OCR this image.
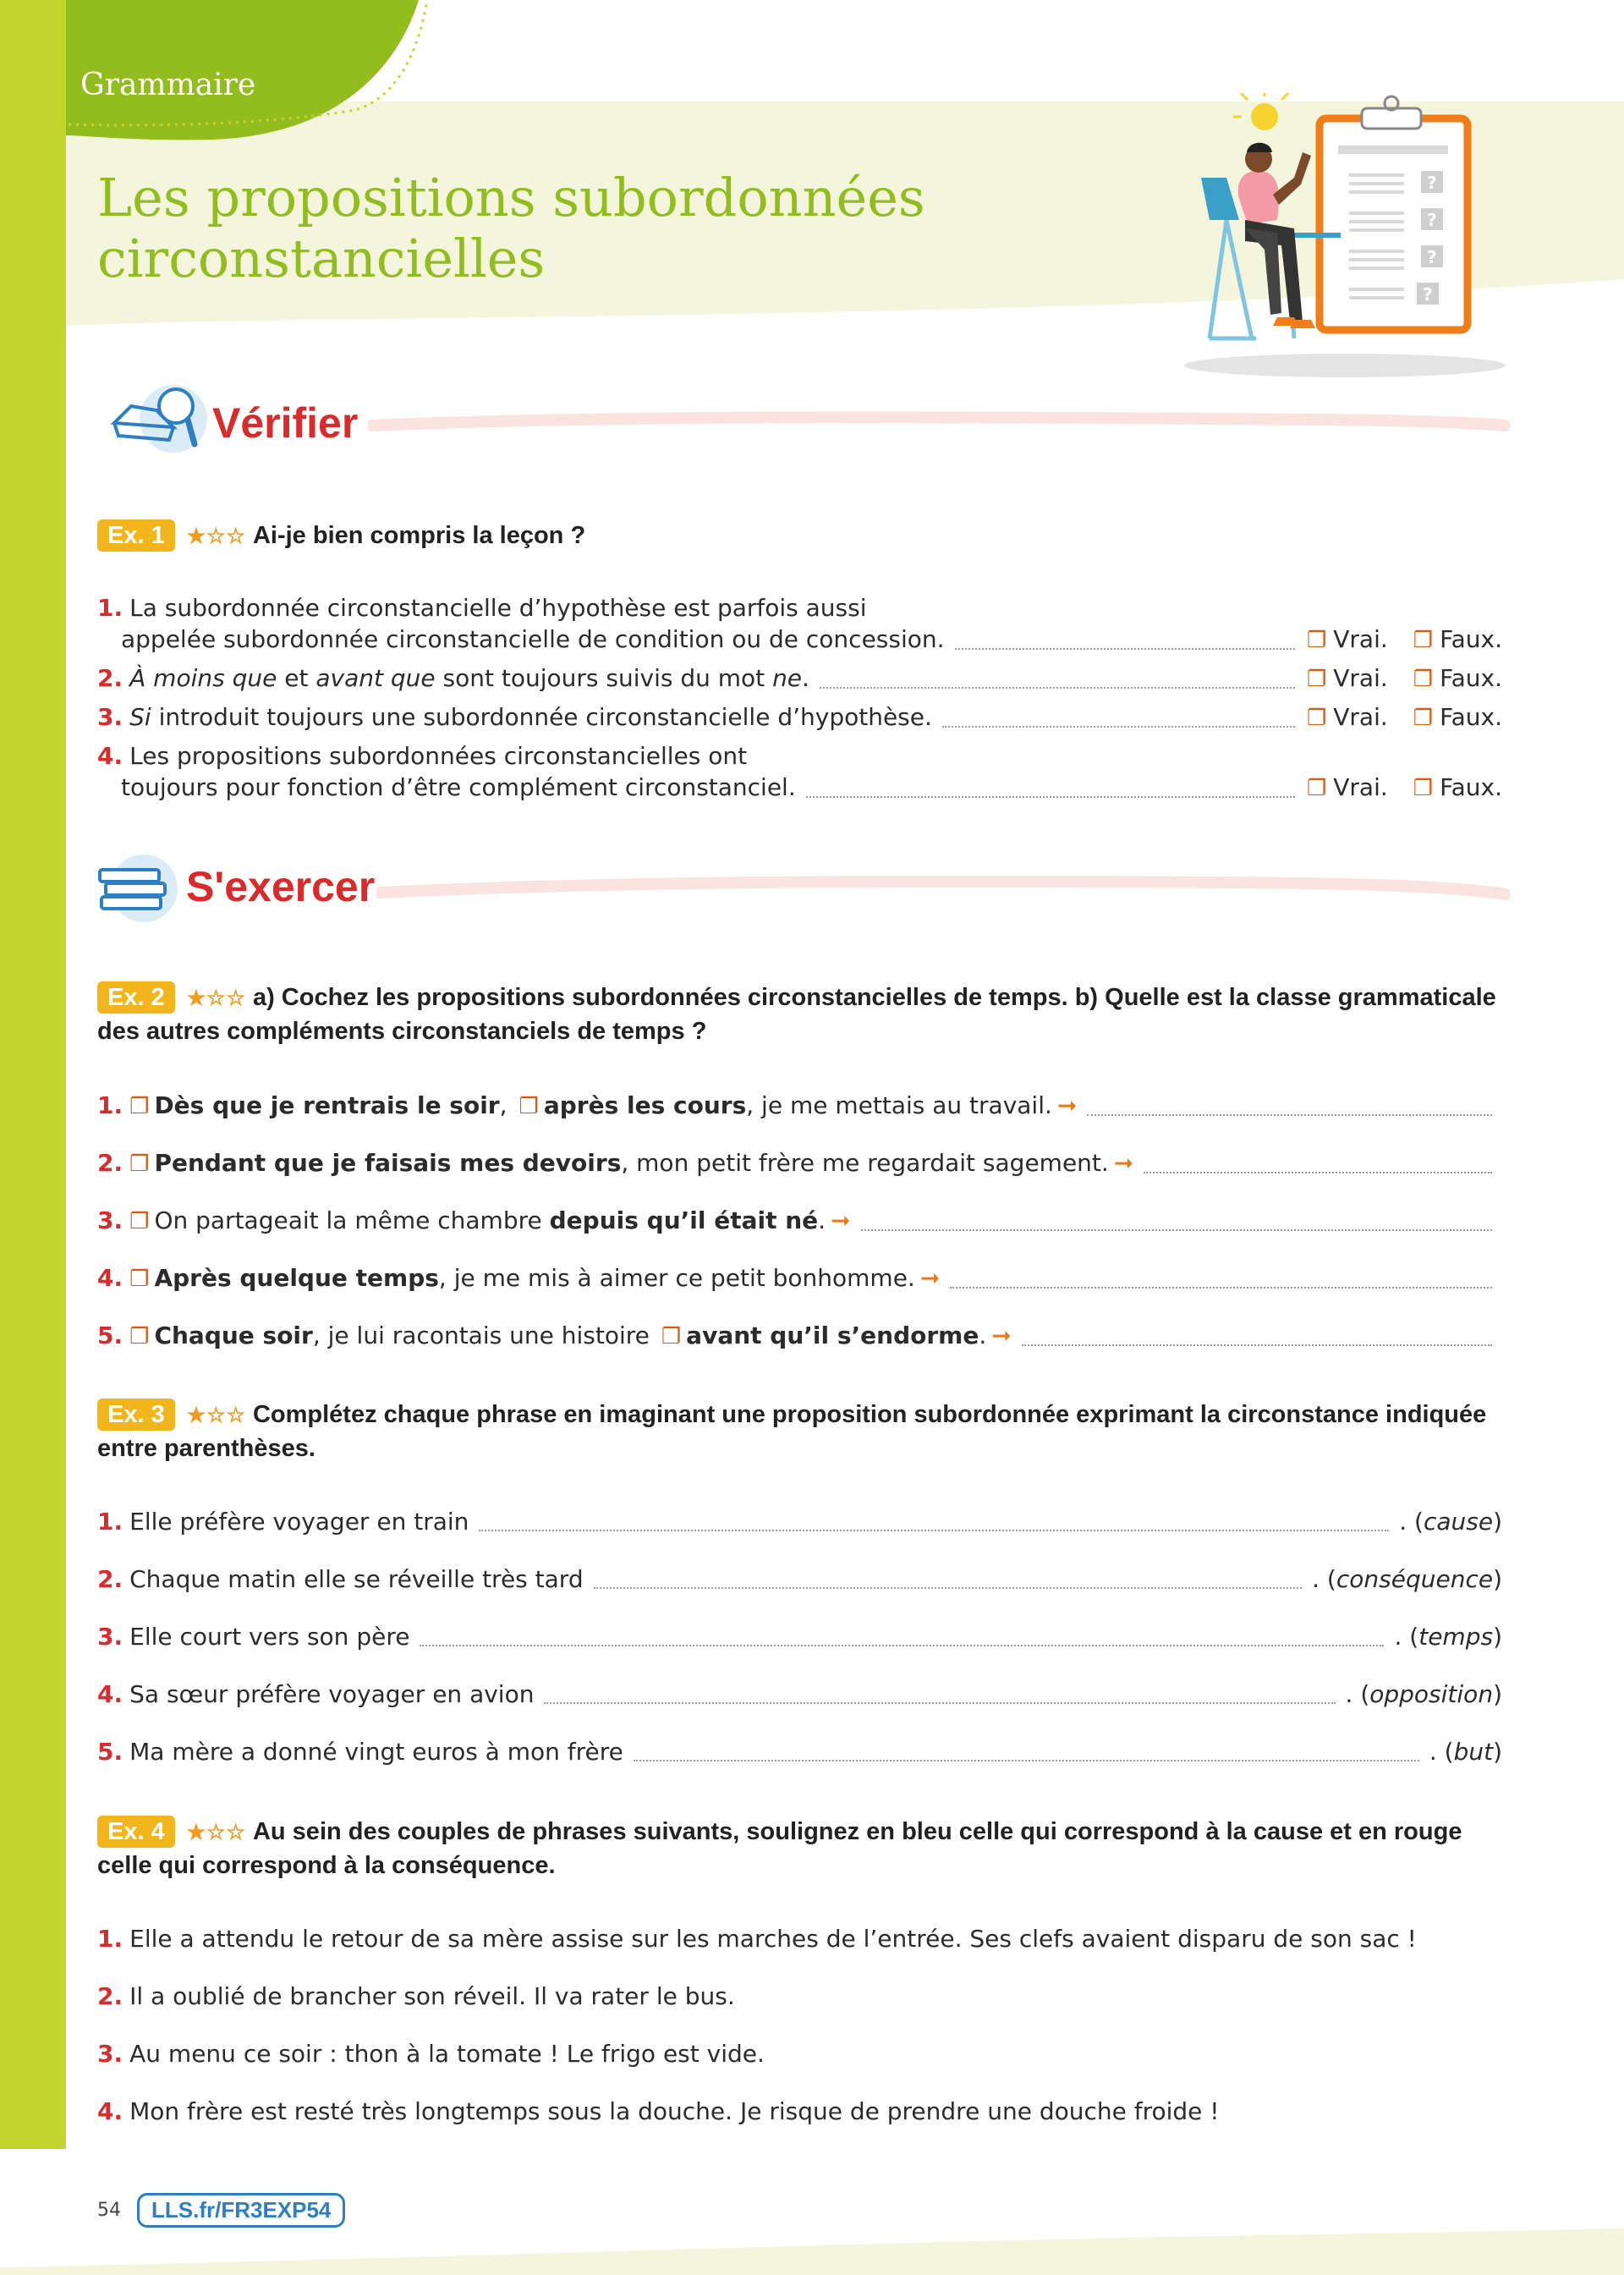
Grammaire
Les propositions subordonnées
circonstancielles
?
?
?
?
Vérifier
Ex. 1 ★☆☆ Ai-je bien compris la leçon ?
1. La subordonnée circonstancielle d’hypothèse est parfois aussi
appelée subordonnée circonstancielle de condition ou de concession.	❐ Vrai. ❐ Faux.
2. À moins que et avant que sont toujours suivis du mot ne .	❐ Vrai. ❐ Faux.
3. Si introduit toujours une subordonnée circonstancielle d’hypothèse.	❐ Vrai. ❐ Faux.
4. Les propositions subordonnées circonstancielles ont
toujours pour fonction d’être complément circonstanciel.	❐ Vrai. ❐ Faux.
S'exercer
Ex. 2 ★☆☆ a) Cochez les propositions subordonnées circonstancielles de temps. b) Quelle est la classe grammaticale des autres compléments circonstanciels de temps ?
1. ❐ Dès que je rentrais le soir , ❐ après les cours , je me mettais au travail. ➞
2. ❐ Pendant que je faisais mes devoirs , mon petit frère me regardait sagement. ➞
3. ❐ On partageait la même chambre depuis qu’il était né . ➞
4. ❐ Après quelque temps , je me mis à aimer ce petit bonhomme. ➞
5. ❐ Chaque soir , je lui racontais une histoire ❐ avant qu’il s’endorme . ➞
Ex. 3 ★☆☆ Complétez chaque phrase en imaginant une proposition subordonnée exprimant la circonstance indiquée entre parenthèses.
1. Elle préfère voyager en train	. ( cause )
2. Chaque matin elle se réveille très tard	. ( conséquence )
3. Elle court vers son père	. ( temps )
4. Sa sœur préfère voyager en avion	. ( opposition )
5. Ma mère a donné vingt euros à mon frère	. ( but )
Ex. 4 ★☆☆ Au sein des couples de phrases suivants, soulignez en bleu celle qui correspond à la cause et en rouge celle qui correspond à la conséquence.
1. Elle a attendu le retour de sa mère assise sur les marches de l’entrée. Ses clefs avaient disparu de son sac !
2. Il a oublié de brancher son réveil. Il va rater le bus.
3. Au menu ce soir : thon à la tomate ! Le frigo est vide.
4. Mon frère est resté très longtemps sous la douche. Je risque de prendre une douche froide !
54	LLS.fr/FR3EXP54
